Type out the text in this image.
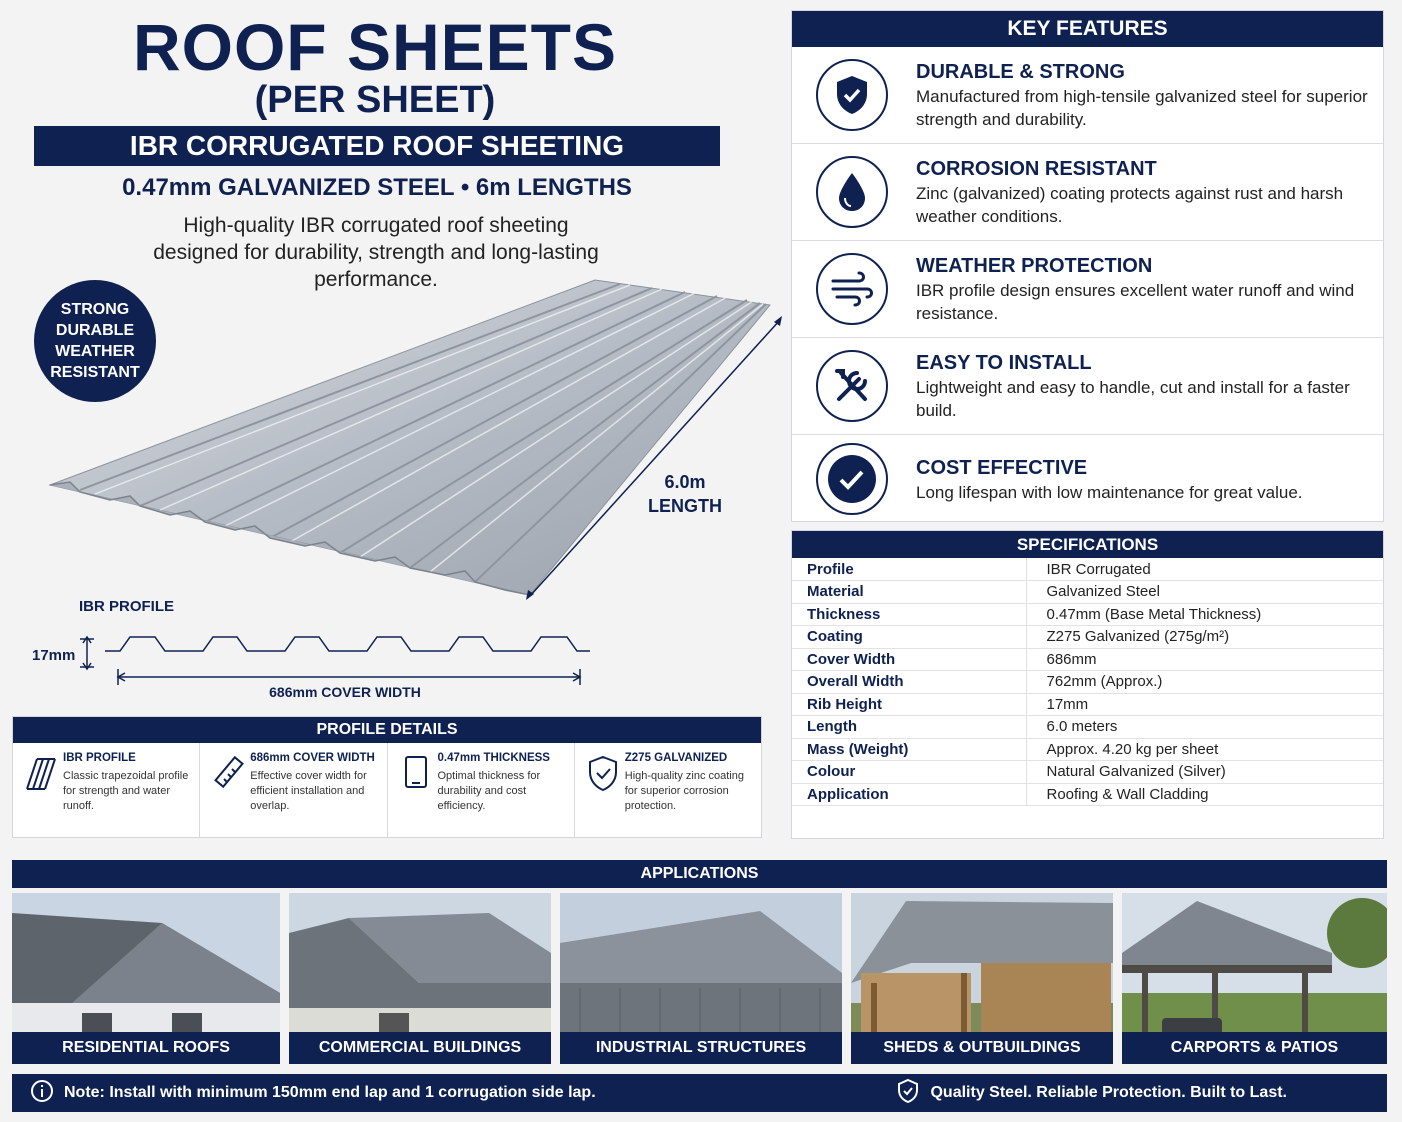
ROOF SHEETS
(PER SHEET)
IBR CORRUGATED ROOF SHEETING
0.47mm GALVANIZED STEEL • 6m LENGTHS
High-quality IBR corrugated roof sheeting designed for durability, strength and long-lasting performance.
STRONG
DURABLE
WEATHER
RESISTANT
6.0m
LENGTH
IBR PROFILE
17mm
686mm COVER WIDTH
PROFILE DETAILS
IBR PROFILE
Classic trapezoidal profile for strength and water runoff.
686mm COVER WIDTH
Effective cover width for efficient installation and overlap.
0.47mm THICKNESS
Optimal thickness for durability and cost efficiency.
Z275 GALVANIZED
High-quality zinc coating for superior corrosion protection.
KEY FEATURES
DURABLE & STRONG
Manufactured from high-tensile galvanized steel for superior strength and durability.
CORROSION RESISTANT
Zinc (galvanized) coating protects against rust and harsh weather conditions.
WEATHER PROTECTION
IBR profile design ensures excellent water runoff and wind resistance.
EASY TO INSTALL
Lightweight and easy to handle, cut and install for a faster build.
COST EFFECTIVE
Long lifespan with low maintenance for great value.
SPECIFICATIONS
Profile	IBR Corrugated
Material	Galvanized Steel
Thickness	0.47mm (Base Metal Thickness)
Coating	Z275 Galvanized (275g/m²)
Cover Width	686mm
Overall Width	762mm (Approx.)
Rib Height	17mm
Length	6.0 meters
Mass (Weight)	Approx. 4.20 kg per sheet
Colour	Natural Galvanized (Silver)
Application	Roofing & Wall Cladding
APPLICATIONS
RESIDENTIAL ROOFS	COMMERCIAL BUILDINGS	INDUSTRIAL STRUCTURES	SHEDS & OUTBUILDINGS	CARPORTS & PATIOS
Note: Install with minimum 150mm end lap and 1 corrugation side lap.	Quality Steel. Reliable Protection. Built to Last.
